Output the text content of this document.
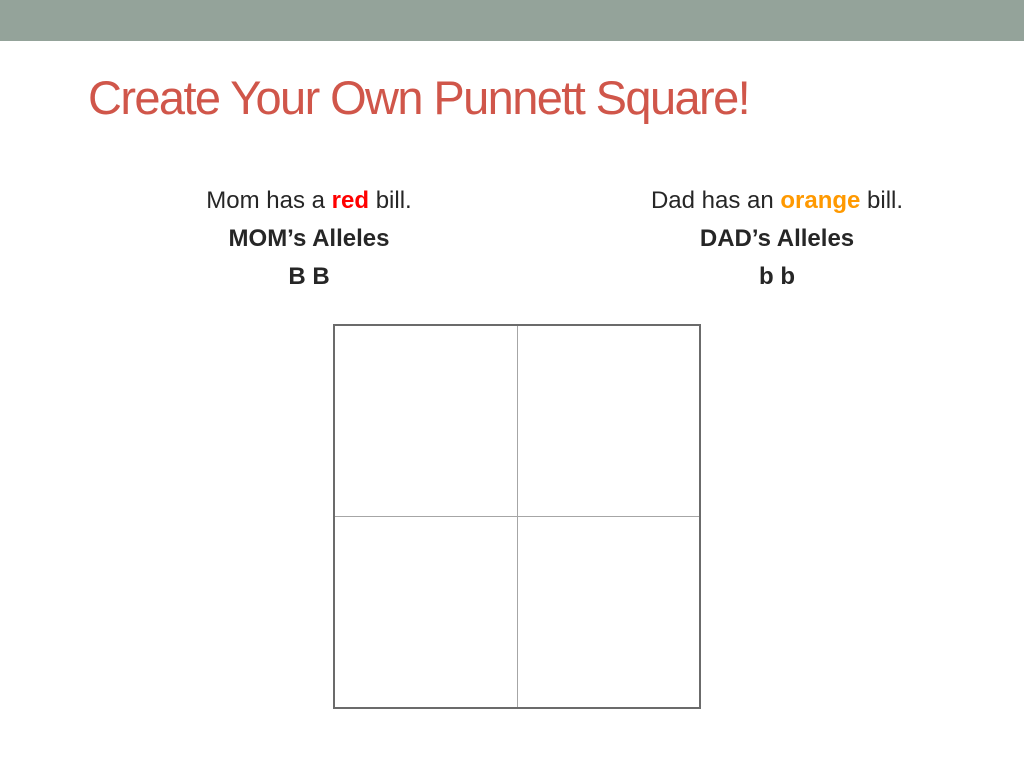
Create Your Own Punnett Square!
Mom has a red bill.
MOM’s Alleles
B B
Dad has an orange bill.
DAD’s Alleles
b b
